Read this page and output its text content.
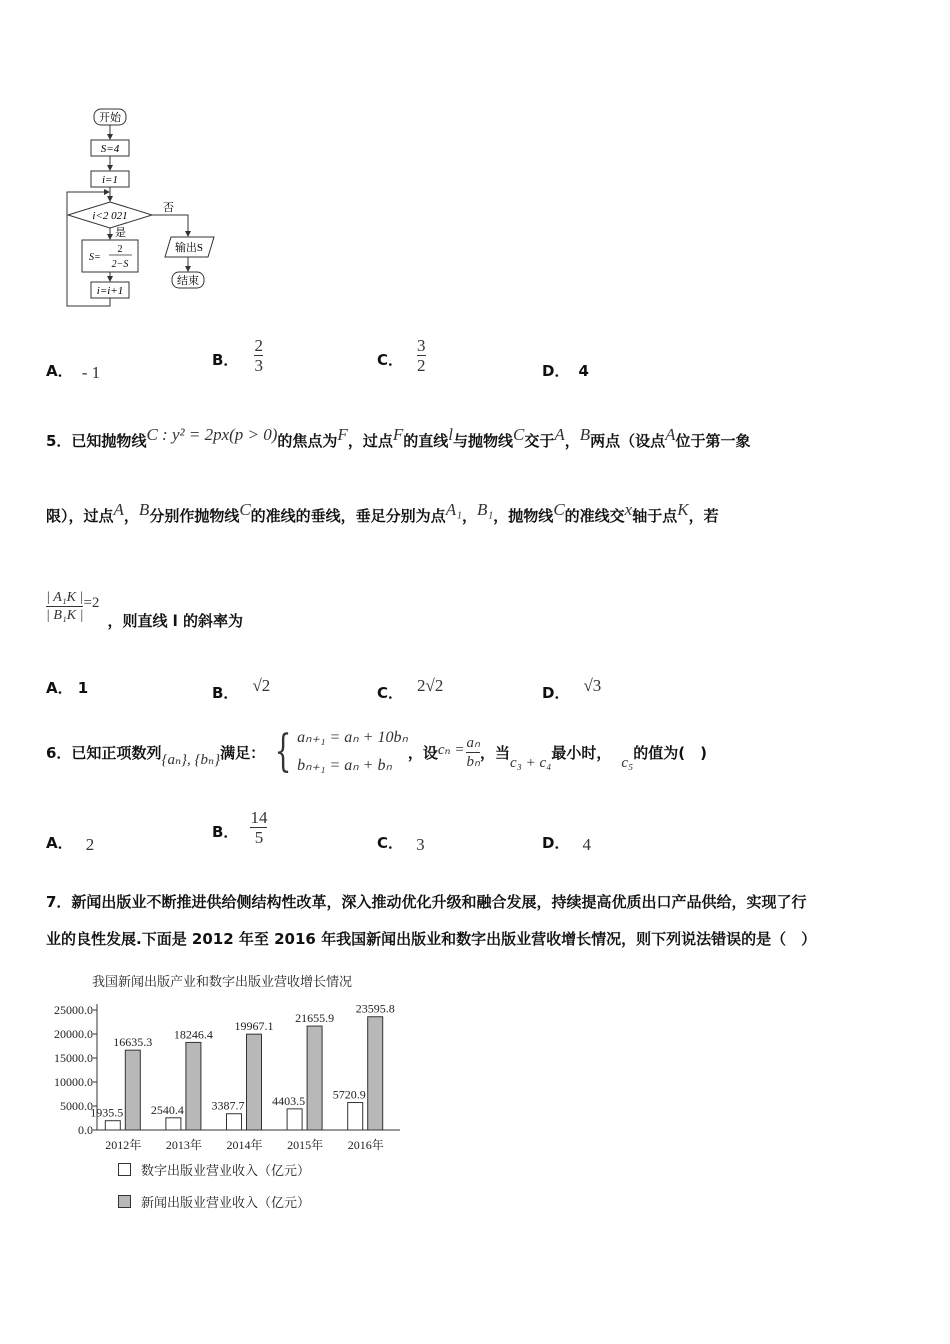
开始
S=4
i=1
i<2 021
否
是
输出S
结束
S=
2
2−S
i=i+1
A． - 1
B． $\frac{2}{3}$	C． $\frac{3}{2}$	D． 4
5．已知抛物线C : y² = 2px(p > 0)的焦点为F，过点F的直线l与抛物线C交于A，B两点（设点A位于第一象
限），过点A，B分别作抛物线C的准线的垂线，垂足分别为点A₁，B₁，抛物线C的准线交x轴于点K，若
$\frac{\text{| A₁K |}}{\text{| B₁K |}} =2$
，则直线 l 的斜率为
A． 1	B． √2	C． 2√2	D． √3
6．已知正项数列 {aₙ}, {bₙ} 满足： { aₙ₊₁ = aₙ + 10bₙ
bₙ₊₁ = aₙ + bₙ
，设 $c_n = \frac{\text{aₙ}}{\text{bₙ}}$ ，当
c₃ + c₄
最小时，
c₅
的值为(　)
A． 2
B． $\frac{14}{5}$	C． 3	D． 4
7．新闻出版业不断推进供给侧结构性改革，深入推动优化升级和融合发展，持续提高优质出口产品供给，实现了行
业的良性发展.下面是 2012 年至 2016 年我国新闻出版业和数字出版业营收增长情况，则下列说法错误的是（　）
我国新闻出版产业和数字出版业营收增长情况
0.0
5000.0
10000.0
15000.0
20000.0
25000.0
2012年
1935.5
16635.3
2013年
2540.4
18246.4
2014年
3387.7
19967.1
2015年
4403.5
21655.9
2016年
5720.9
23595.8
数字出版业营业收入（亿元）
新闻出版业营业收入（亿元）
